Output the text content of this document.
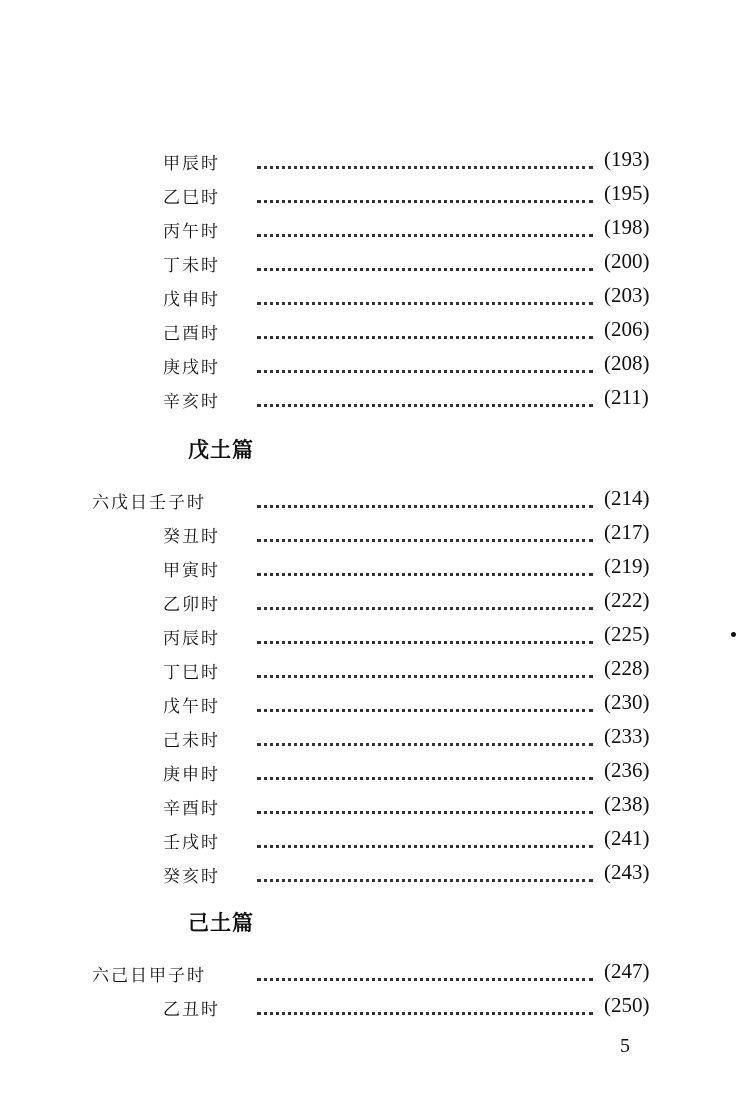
甲辰时	(193)
乙巳时	(195)
丙午时	(198)
丁未时	(200)
戊申时	(203)
己酉时	(206)
庚戌时	(208)
辛亥时	(211)
戊土篇
六戊日壬子时	(214)
癸丑时	(217)
甲寅时	(219)
乙卯时	(222)
丙辰时	(225)
丁巳时	(228)
戊午时	(230)
己未时	(233)
庚申时	(236)
辛酉时	(238)
壬戌时	(241)
癸亥时	(243)
己土篇
六己日甲子时	(247)
乙丑时	(250)
5
